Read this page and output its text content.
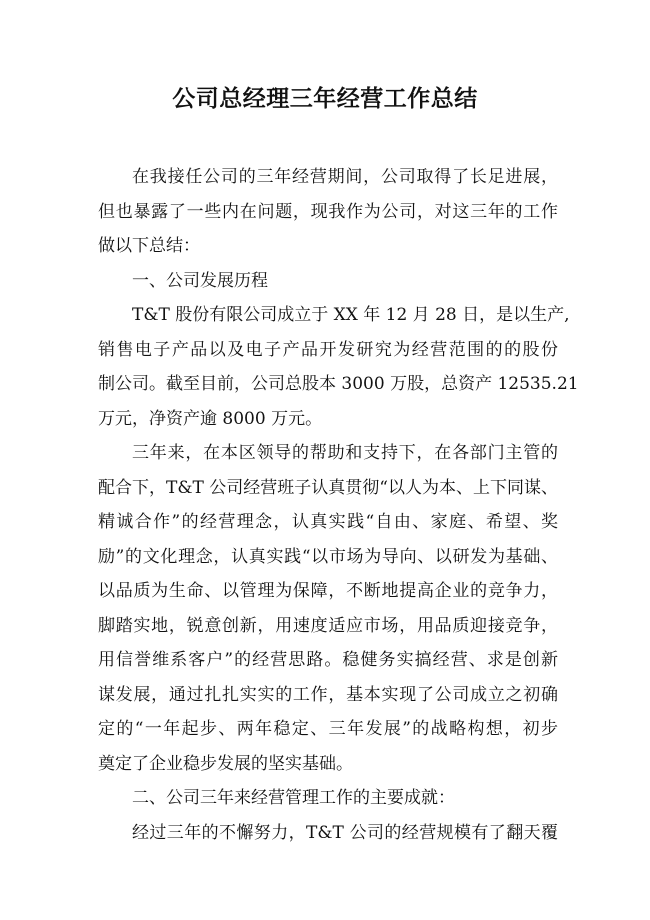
公司总经理三年经营工作总结
在我接任公司的三年经营期间，公司取得了长足进展，
但也暴露了一些内在问题，现我作为公司，对这三年的工作
做以下总结：
一、公司发展历程
T&T 股份有限公司成立于 XX 年 12 月 28 日，是以生产,
销售电子产品以及电子产品开发研究为经营范围的的股份
制公司。截至目前，公司总股本 3000 万股，总资产 12535.21
万元，净资产逾 8000 万元。
三年来，在本区领导的帮助和支持下，在各部门主管的
配合下，T&T 公司经营班子认真贯彻“以人为本、上下同谋、
精诚合作”的经营理念，认真实践“自由、家庭、希望、奖
励”的文化理念，认真实践“以市场为导向、以研发为基础、
以品质为生命、以管理为保障，不断地提高企业的竞争力，
脚踏实地，锐意创新，用速度适应市场，用品质迎接竞争，
用信誉维系客户”的经营思路。稳健务实搞经营、求是创新
谋发展，通过扎扎实实的工作，基本实现了公司成立之初确
定的“一年起步、两年稳定、三年发展”的战略构想，初步
奠定了企业稳步发展的坚实基础。
二、公司三年来经营管理工作的主要成就：
经过三年的不懈努力，T&T 公司的经营规模有了翻天覆
